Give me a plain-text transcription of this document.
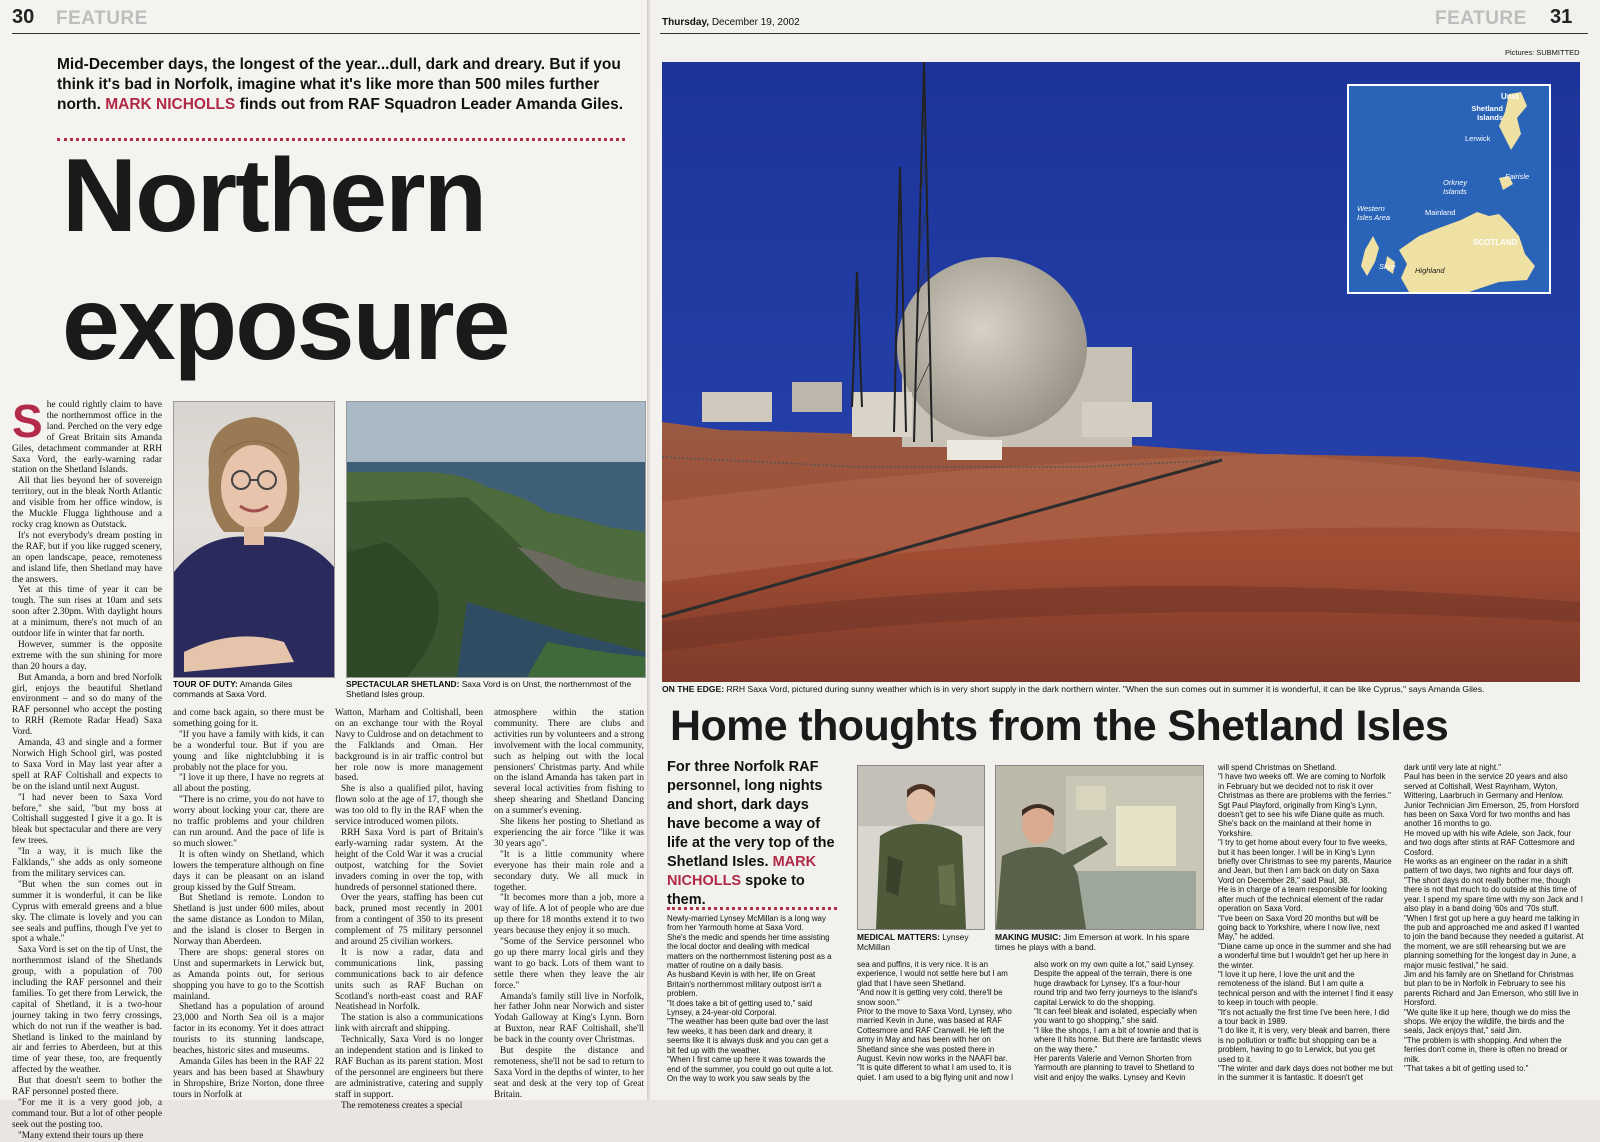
30 FEATURE
Mid-December days, the longest of the year...dull, dark and dreary. But if you think it's bad in Norfolk, imagine what it's like more than 500 miles further north. MARK NICHOLLS finds out from RAF Squadron Leader Amanda Giles.
Northern
exposure
TOUR OF DUTY: Amanda Giles commands at Saxa Vord.
SPECTACULAR SHETLAND: Saxa Vord is on Unst, the northernmost of the Shetland Isles group.
S he could rightly claim to have the northernmost office in the land. Perched on the very edge of Great Britain sits Amanda Giles, detachment commander at RRH Saxa Vord, the early-warning radar station on the Shetland Islands.

All that lies beyond her of sovereign territory, out in the bleak North Atlantic and visible from her office window, is the Muckle Flugga lighthouse and a rocky crag known as Outstack.

It's not everybody's dream posting in the RAF, but if you like rugged scenery, an open landscape, peace, remoteness and island life, then Shetland may have the answers.

Yet at this time of year it can be tough. The sun rises at 10am and sets soon after 2.30pm. With daylight hours at a minimum, there's not much of an outdoor life in winter that far north.

However, summer is the opposite extreme with the sun shining for more than 20 hours a day.

But Amanda, a born and bred Norfolk girl, enjoys the beautiful Shetland environment – and so do many of the RAF personnel who accept the posting to RRH (Remote Radar Head) Saxa Vord.

Amanda, 43 and single and a former Norwich High School girl, was posted to Saxa Vord in May last year after a spell at RAF Coltishall and expects to be on the island until next August.

"I had never been to Saxa Vord before," she said, "but my boss at Coltishall suggested I give it a go. It is bleak but spectacular and there are very few trees.

"In a way, it is much like the Falklands," she adds as only someone from the military services can.

"But when the sun comes out in summer it is wonderful, it can be like Cyprus with emerald greens and a blue sky. The climate is lovely and you can see seals and puffins, though I've yet to spot a whale."

Saxa Vord is set on the tip of Unst, the northernmost island of the Shetlands group, with a population of 700 including the RAF personnel and their families. To get there from Lerwick, the capital of Shetland, it is a two-hour journey taking in two ferry crossings, which do not run if the weather is bad. Shetland is linked to the mainland by air and ferries to Aberdeen, but at this time of year these, too, are frequently affected by the weather.

But that doesn't seem to bother the RAF personnel posted there.

"For me it is a very good job, a command tour. But a lot of other people seek out the posting too.

"Many extend their tours up there

and come back again, so there must be something going for it.

"If you have a family with kids, it can be a wonderful tour. But if you are young and like nightclubbing it is probably not the place for you.

"I love it up there, I have no regrets at all about the posting.

"There is no crime, you do not have to worry about locking your car, there are no traffic problems and your children can run around. And the pace of life is so much slower."

It is often windy on Shetland, which lowers the temperature although on fine days it can be pleasant on an island group kissed by the Gulf Stream.

But Shetland is remote. London to Shetland is just under 600 miles, about the same distance as London to Milan, and the island is closer to Bergen in Norway than Aberdeen.

There are shops: general stores on Unst and supermarkets in Lerwick but, as Amanda points out, for serious shopping you have to go to the Scottish mainland.

Shetland has a population of around 23,000 and North Sea oil is a major factor in its economy. Yet it does attract tourists to its stunning landscape, beaches, historic sites and museums.

Amanda Giles has been in the RAF 22 years and has been based at Shawbury in Shropshire, Brize Norton, done three tours in Norfolk at

Watton, Marham and Coltishall, been on an exchange tour with the Royal Navy to Culdrose and on detachment to the Falklands and Oman. Her background is in air traffic control but her role now is more management based.

She is also a qualified pilot, having flown solo at the age of 17, though she was too old to fly in the RAF when the service introduced women pilots.

RRH Saxa Vord is part of Britain's early-warning radar system. At the height of the Cold War it was a crucial outpost, watching for the Soviet invaders coming in over the top, with hundreds of personnel stationed there.

Over the years, staffing has been cut back, pruned most recently in 2001 from a contingent of 350 to its present complement of 75 military personnel and around 25 civilian workers.

It is now a radar, data and communications link, passing communications back to air defence units such as RAF Buchan on Scotland's north-east coast and RAF Neatishead in Norfolk.

The station is also a communications link with aircraft and shipping.

Technically, Saxa Vord is no longer an independent station and is linked to RAF Buchan as its parent station. Most of the personnel are engineers but there are administrative, catering and supply staff in support.

The remoteness creates a special

atmosphere within the station community. There are clubs and activities run by volunteers and a strong involvement with the local community, such as helping out with the local pensioners' Christmas party. And while on the island Amanda has taken part in several local activities from fishing to sheep shearing and Shetland Dancing on a summer's evening.

She likens her posting to Shetland as experiencing the air force "like it was 30 years ago".

"It is a little community where everyone has their main role and a secondary duty. We all muck in together.

"It becomes more than a job, more a way of life. A lot of people who are due up there for 18 months extend it to two years because they enjoy it so much.

"Some of the Service personnel who go up there marry local girls and they want to go back. Lots of them want to settle there when they leave the air force."

Amanda's family still live in Norfolk, her father John near Norwich and sister Yodah Galloway at King's Lynn. Born at Buxton, near RAF Coltishall, she'll be back in the county over Christmas.

But despite the distance and remoteness, she'll not be sad to return to Saxa Vord in the depths of winter, to her seat and desk at the very top of Great Britain.

Thursday, December 19, 2002	FEATURE 31
Pictures: SUBMITTED
Unst
Shetland Islands
Lerwick
Fairisle
Orkney Islands
Mainland
Western Isles Area
SCOTLAND
Skye	Highland
ON THE EDGE: RRH Saxa Vord, pictured during sunny weather which is in very short supply in the dark northern winter. "When the sun comes out in summer it is wonderful, it can be like Cyprus," says Amanda Giles.
Home thoughts from the Shetland Isles
For three Norfolk RAF personnel, long nights and short, dark days have become a way of life at the very top of the Shetland Isles. MARK NICHOLLS spoke to them.
MEDICAL MATTERS: Lynsey McMillan
MAKING MUSIC: Jim Emerson at work. In his spare times he plays with a band.

Newly-married Lynsey McMillan is a long way from her Yarmouth home at Saxa Vord.

She's the medic and spends her time assisting the local doctor and dealing with medical matters on the northernmost listening post as a matter of routine on a daily basis.

As husband Kevin is with her, life on Great Britain's northernmost military outpost isn't a problem.

"It does take a bit of getting used to," said Lynsey, a 24-year-old Corporal.

"The weather has been quite bad over the last few weeks, it has been dark and dreary, it seems like it is always dusk and you can get a bit fed up with the weather.

"When I first came up here it was towards the end of the summer, you could go out quite a lot. On the way to work you saw seals by the

sea and puffins, it is very nice. It is an experience, I would not settle here but I am glad that I have seen Shetland.

"And now it is getting very cold, there'll be snow soon."

Prior to the move to Saxa Vord, Lynsey, who married Kevin in June, was based at RAF Cottesmore and RAF Cranwell. He left the army in May and has been with her on Shetland since she was posted there in August. Kevin now works in the NAAFI bar.

"It is quite different to what I am used to, it is quiet. I am used to a big flying unit and now I

also work on my own quite a lot," said Lynsey.

Despite the appeal of the terrain, there is one huge drawback for Lynsey. It's a four-hour round trip and two ferry journeys to the island's capital Lerwick to do the shopping.

"It can feel bleak and isolated, especially when you want to go shopping," she said.

"I like the shops, I am a bit of townie and that is where it hits home. But there are fantastic views on the way there."

Her parents Valerie and Vernon Shorten from Yarmouth are planning to travel to Shetland to visit and enjoy the walks. Lynsey and Kevin

will spend Christmas on Shetland.

"I have two weeks off. We are coming to Norfolk in February but we decided not to risk it over Christmas as there are problems with the ferries."

Sgt Paul Playford, originally from King's Lynn, doesn't get to see his wife Diane quite as much. She's back on the mainland at their home in Yorkshire.

"I try to get home about every four to five weeks, but it has been longer. I will be in King's Lynn briefly over Christmas to see my parents, Maurice and Jean, but then I am back on duty on Saxa Vord on December 28," said Paul, 38.

He is in charge of a team responsible for looking after much of the technical element of the radar operation on Saxa Vord.

"I've been on Saxa Vord 20 months but will be going back to Yorkshire, where I now live, next May," he added.

"Diane came up once in the summer and she had a wonderful time but I wouldn't get her up here in the winter.

"I love it up here, I love the unit and the remoteness of the island. But I am quite a technical person and with the internet I find it easy to keep in touch with people.

"It's not actually the first time I've been here, I did a tour back in 1989.

"I do like it, it is very, very bleak and barren, there is no pollution or traffic but shopping can be a problem, having to go to Lerwick, but you get used to it.

"The winter and dark days does not bother me but in the summer it is fantastic. It doesn't get

dark until very late at night."

Paul has been in the service 20 years and also served at Coltishall, West Raynham, Wyton, Wittering, Laarbruch in Germany and Henlow.

Junior Technician Jim Emerson, 25, from Horsford has been on Saxa Vord for two months and has another 16 months to go.

He moved up with his wife Adele, son Jack, four and two dogs after stints at RAF Cottesmore and Cosford.

He works as an engineer on the radar in a shift pattern of two days, two nights and four days off.

"The short days do not really bother me, though there is not that much to do outside at this time of year. I spend my spare time with my son Jack and I also play in a band doing '60s and '70s stuff.

"When I first got up here a guy heard me talking in the pub and approached me and asked if I wanted to join the band because they needed a guitarist. At the moment, we are still rehearsing but we are planning something for the longest day in June, a major music festival," he said.

Jim and his family are on Shetland for Christmas but plan to be in Norfolk in February to see his parents Richard and Jan Emerson, who still live in Horsford.

"We quite like it up here, though we do miss the shops. We enjoy the wildlife, the birds and the seals, Jack enjoys that," said Jim.

"The problem is with shopping. And when the ferries don't come in, there is often no bread or milk.

"That takes a bit of getting used to."
